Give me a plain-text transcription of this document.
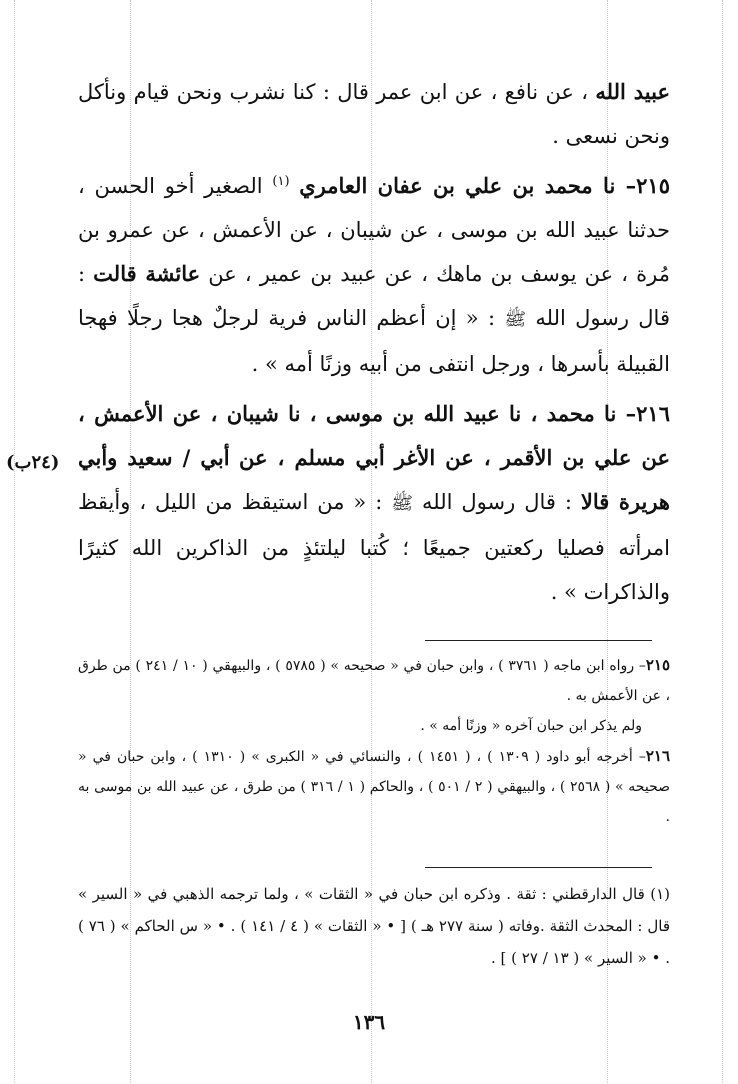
عبيد الله ، عن نافع ، عن ابن عمر قال : كنا نشرب ونحن قيام ونأكل ونحن نسعى .

٢١٥– نا محمد بن علي بن عفان العامري $^{(١)}$ الصغير أخو الحسن ، حدثنا عبيد الله بن موسى ، عن شيبان ، عن الأعمش ، عن عمرو بن مُرة ، عن يوسف بن ماهك ، عن عبيد بن عمير ، عن عائشة قالت : قال رسول الله ﷺ : « إن أعظم الناس فرية لرجلٌ هجا رجلًا فهجا القبيلة بأسرها ، ورجل انتفى من أبيه وزنًا أمه » .

٢١٦– نا محمد ، نا عبيد الله بن موسى ، نا شيبان ، عن الأعمش ، عن علي بن الأقمر ، عن الأغر أبي مسلم ، عن أبي / سعيد وأبي هريرة قالا : قال رسول الله ﷺ : « من استيقظ من الليل ، وأيقظ امرأته فصليا ركعتين جميعًا ؛ كُتبا ليلتئذٍ من الذاكرين الله كثيرًا والذاكرات » .

(٢٤ب)

٢١٥– رواه ابن ماجه ( ٣٧٦١ ) ، وابن حبان في « صحيحه » ( ٥٧٨٥ ) ، والبيهقي ( ١٠ / ٢٤١ ) من طرق ، عن الأعمش به .

ولم يذكر ابن حبان آخره « وزنًا أمه » .

٢١٦– أخرجه أبو داود ( ١٣٠٩ ) ، ( ١٤٥١ ) ، والنسائي في « الكبرى » ( ١٣١٠ ) ، وابن حبان في « صحيحه » ( ٢٥٦٨ ) ، والبيهقي ( ٢ / ٥٠١ ) ، والحاكم ( ١ / ٣١٦ ) من طرق ، عن عبيد الله بن موسى به .

(١) قال الدارقطني : ثقة . وذكره ابن حبان في « الثقات » ، ولما ترجمه الذهبي في « السير » قال : المحدث الثقة .وفاته ( سنة ٢٧٧ هـ ) [ • « الثقات » ( ٤ / ١٤١ ) . • « س الحاكم » ( ٧٦ ) . • « السير » ( ١٣ / ٢٧ ) ] .

١٣٦
